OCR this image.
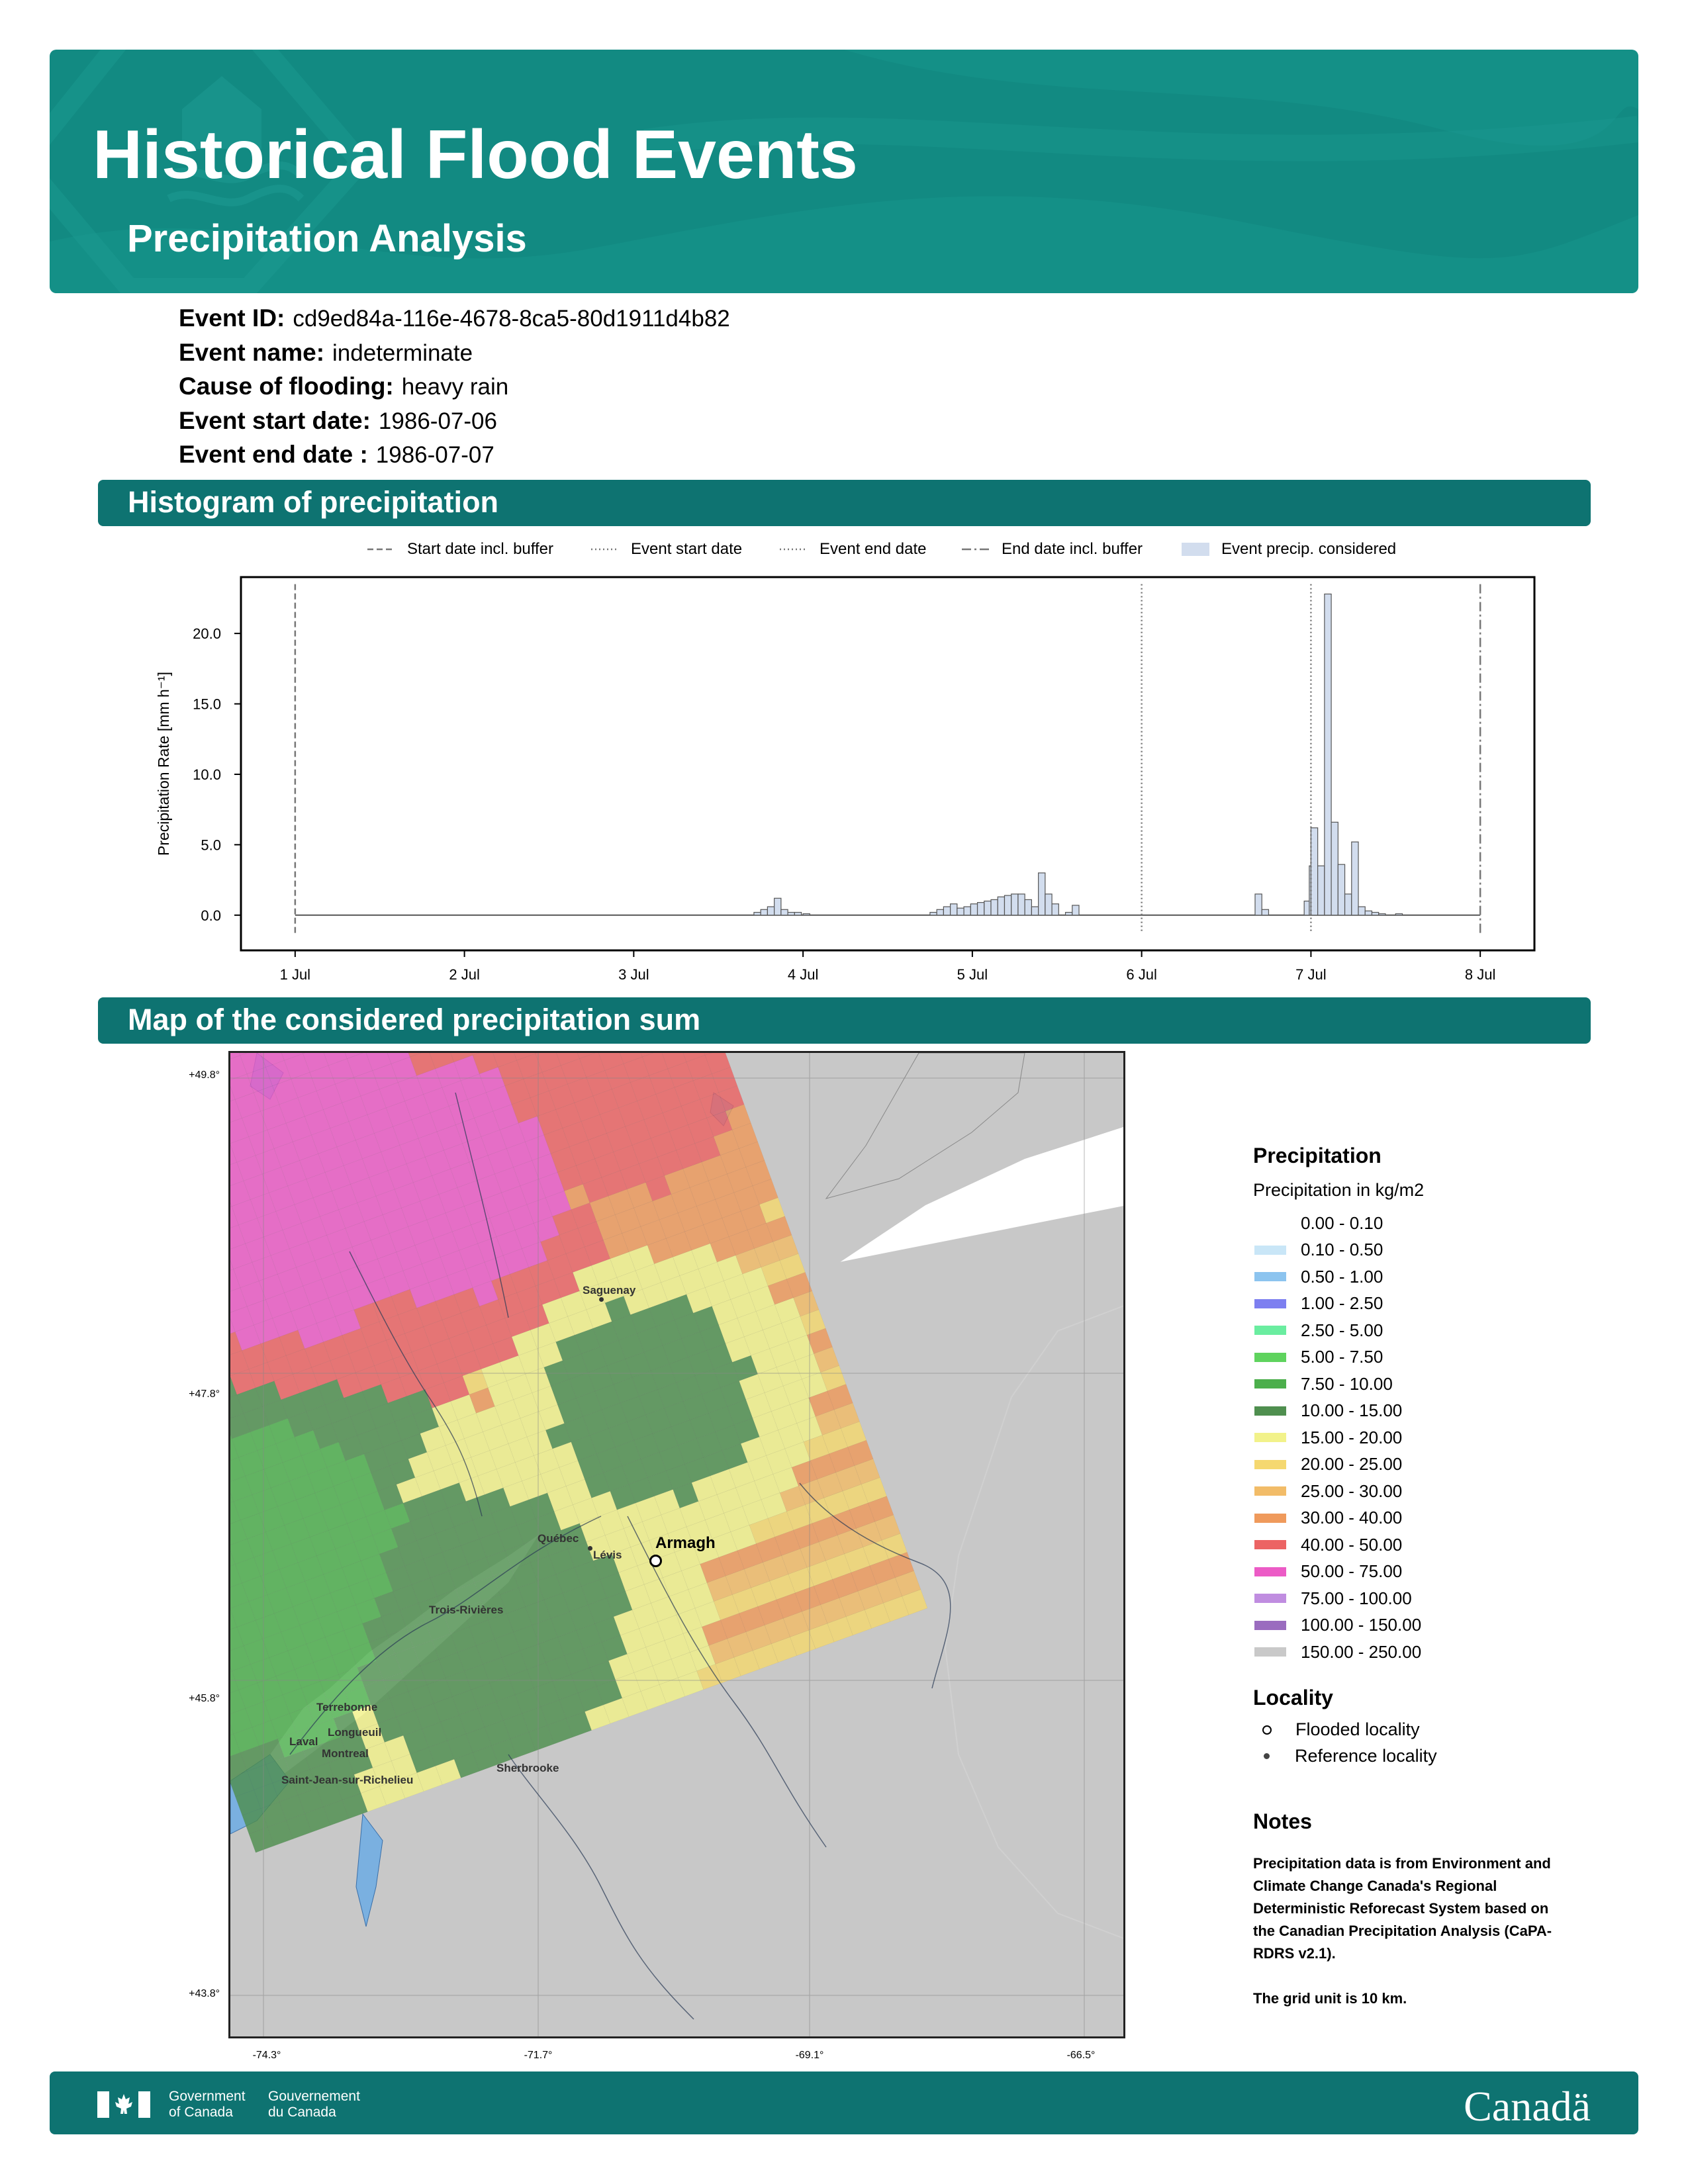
Historical Flood Events
Precipitation Analysis
Event ID: cd9ed84a-116e-4678-8ca5-80d1911d4b82
Event name: indeterminate
Cause of flooding: heavy rain
Event start date: 1986-07-06
Event end date : 1986-07-07
Histogram of precipitation
Start date incl. buffer	Event start date	Event end date	End date incl. buffer	Event precip. considered
0.0
5.0
10.0
15.0
20.0
1 Jul	2 Jul	3 Jul	4 Jul	5 Jul	6 Jul	7 Jul	8 Jul
Precipitation Rate [mm h⁻¹]
Map of the considered precipitation sum
+49.8°
+47.8°
+45.8°
+43.8°
-74.3°	-71.7°	-69.1°	-66.5°
Saguenay
Québec
Lévis
Armagh
Trois-Rivières
Terrebonne
Longueuil
Laval
Montreal
Saint-Jean-sur-Richelieu
Sherbrooke
Precipitation
Precipitation in kg/m2
0.00 - 0.10
0.10 - 0.50
0.50 - 1.00
1.00 - 2.50
2.50 - 5.00
5.00 - 7.50
7.50 - 10.00
10.00 - 15.00
15.00 - 20.00
20.00 - 25.00
25.00 - 30.00
30.00 - 40.00
40.00 - 50.00
50.00 - 75.00
75.00 - 100.00
100.00 - 150.00
150.00 - 250.00
Locality
Flooded locality
Reference locality
Notes

Precipitation data is from Environment and

Climate Change Canada's Regional

Deterministic Reforecast System based on

the Canadian Precipitation Analysis (CaPA-

RDRS v2.1).

The grid unit is 10 km.

Government
of Canada
Gouvernement
du Canada	Canadä
